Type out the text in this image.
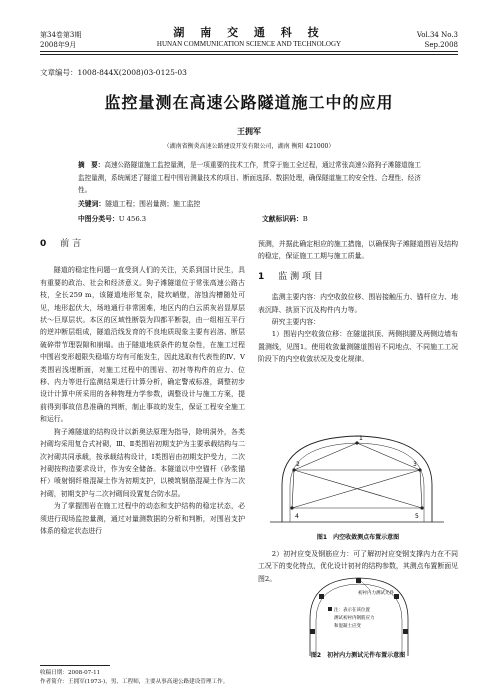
第34卷第3期
2008年9月
湖 南 交 通 科 技
HUNAN COMMUNICATION SCIENCE AND TECHNOLOGY
Vol.34 No.3
Sep.2008
文章编号：1008-844X(2008)03-0125-03
监控量测在高速公路隧道施工中的应用
王拥军
（湖南省衡炎高速公路建设开发有限公司，湖南 衡阳 421000）
摘　要：高速公路隧道施工监控量测，是一项重要的技术工作，贯穿于施工全过程，通过常张高速公路狗子滩隧道施工监控量测，系统阐述了隧道工程中围岩测量技术的项目、断面选择、数据处理，确保隧道施工的安全性、合理性、经济性。
关键词：隧道工程；围岩量测；施工监控
中图分类号：U 456.3	文献标识码：B
0 前 言

隧道的稳定性问题一直受到人们的关注，关系到国计民生，具有重要的政治、社会和经济意义。狗子滩隧道位于常张高速公路古枝，全长259 m，该隧道地形复杂，陡坎峭壁，溶蚀沟槽随处可见，地形起伏大，场地通行非常困难，地区内的白云质灰岩显厚层状～巨厚层状。本区的区域性断裂为四都平断裂，由一组相互平行的逆冲断层组成，隧道沿线发育的不良地质现象主要有岩溶、断层破碎带节理裂隙和崩塌。由于隧道地质条件的复杂性，在施工过程中围岩变形超限失稳塌方均有可能发生，因此选取有代表性的Ⅳ、Ⅴ类围岩浅埋断面，对施工过程中的围岩、初衬等构件的应力、位移、内力等进行监测结果进行计算分析，确定警戒标准，调整初步设计计算中所采用的各种物理力学参数，调整设计与施工方案，提前得到事故信息准确的判断，制止事故的发生，保证工程安全施工和运行。

狗子滩隧道的结构设计以新奥法原理为指导，除明洞外，各类衬砌均采用复合式衬砌，Ⅲ、Ⅱ类围岩初期支护为主要承载结构与二次衬砌共同承载，按承载结构设计，Ⅰ类围岩由初期支护受力，二次衬砌按构造要求设计，作为安全储备。本隧道以中空锚杆（砂浆锚杆）喷射钢纤维混凝土作为初期支护，以模筑钢筋混凝土作为二次衬砌，初期支护与二次衬砌间设置复合防水层。

为了掌握围岩在施工过程中的动态和支护结构的稳定状态，必须进行现场监控量测，通过对量测数据的分析和判断，对围岩支护体系的稳定状态进行

预测，并据此确定相应的施工措施，以确保狗子滩隧道围岩及结构的稳定，保证施工工期与施工质量。

1 监 测 项 目

监测主要内容：内空收敛位移、围岩接触压力、锚杆应力、地表沉降、拱顶下沉及构件内力等。

研究主要内容：

1）围岩内空收敛位移：在隧道拱顶、两侧拱腰及两侧边墙布置测线，见图1。使用收敛量测隧道围岩不同地点、不同施工工况阶段下的内空收敛状况及变化规律。

1
2	3
4	5
图1　内空收敛测点布置示意图

2）初衬应变及钢筋应力：可了解初衬应变钢支撑内力在不同工况下的变化特点，优化设计初衬的结构参数，其测点布置断面见图2。

初衬内力测试元件
注：表示在该位置
测试初衬内钢筋应力
和混凝土应变
图2　初衬内力测试元件布置示意图
收稿日期：2008-07-11
作者简介：王拥军(1973-)，男，工程师，主要从事高速公路建设管理工作。
